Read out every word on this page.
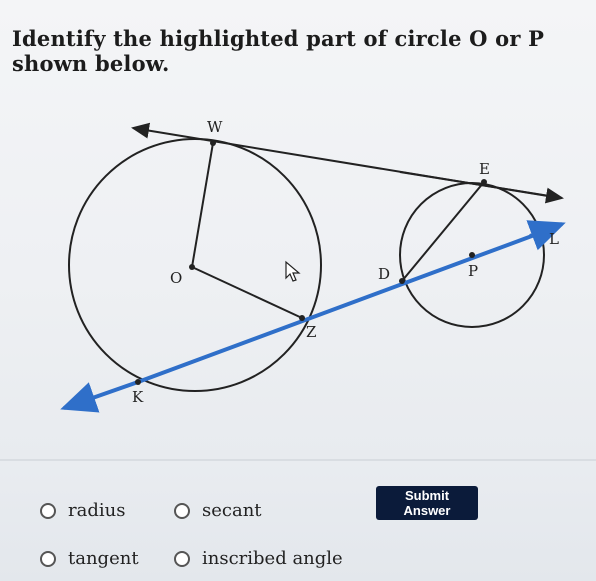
Identify the highlighted part of circle O or P shown below.
W
O
Z
K
E
L
D	P
radius	secant
tangent	inscribed angle
Submit Answer
